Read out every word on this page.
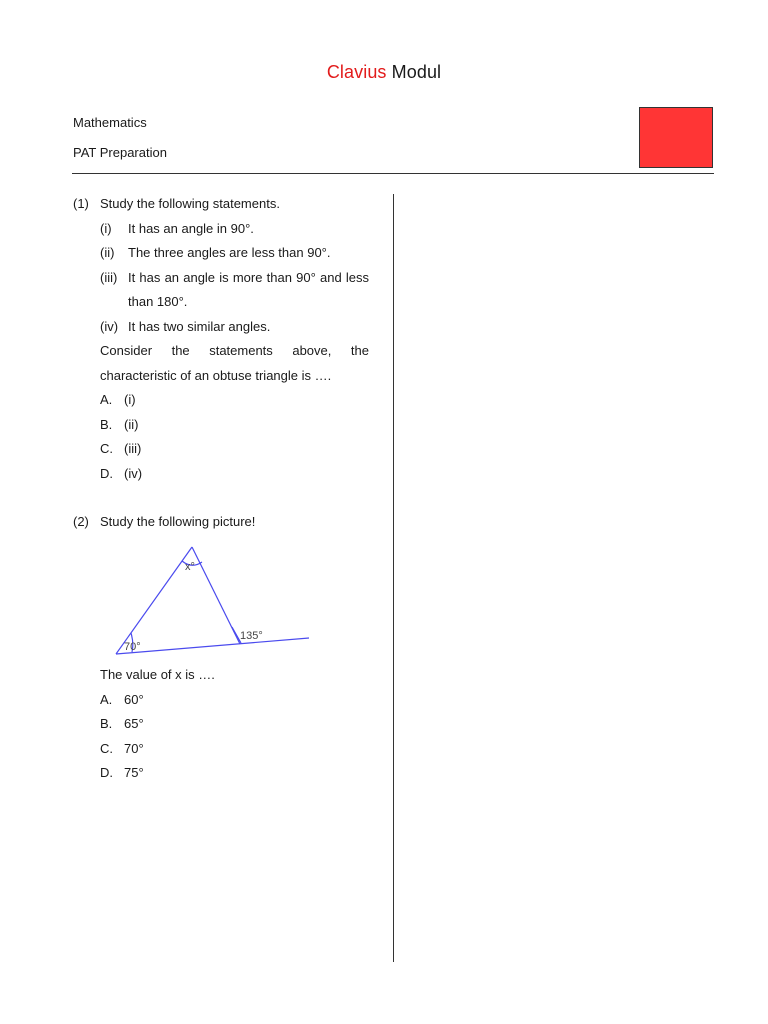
Clavius Modul
Mathematics
PAT Preparation
(1) Study the following statements.
(i) It has an angle in 90°.
(ii) The three angles are less than 90°.
(iii) It has an angle is more than 90° and less
than 180°.
(iv) It has two similar angles.
Consider the statements above, the
characteristic of an obtuse triangle is ….
A. (i)
B. (ii)
C. (iii)
D. (iv)
(2) Study the following picture!
x°
70°
135°
The value of x is ….
A. 60°
B. 65°
C. 70°
D. 75°
